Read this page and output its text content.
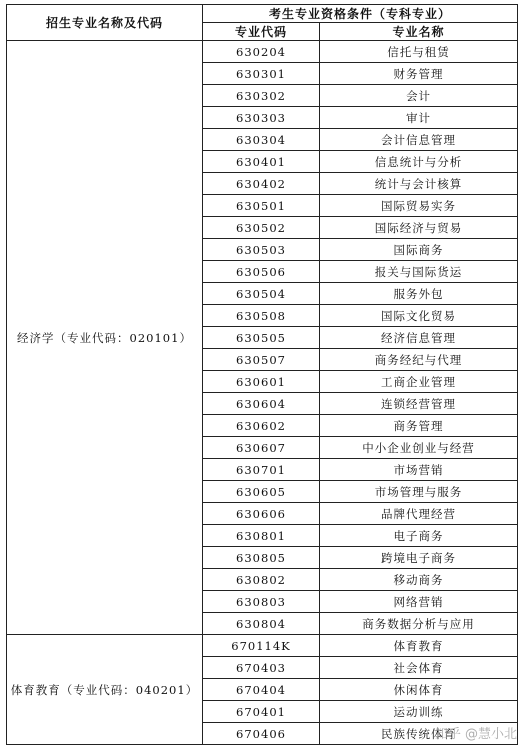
招生专业名称及代码	考生专业资格条件（专科专业）	
	专业代码	专业名称
经济学（专业代码：020101）	630204	信托与租赁
	630301	财务管理
	630302	会计
	630303	审计
	630304	会计信息管理
	630401	信息统计与分析
	630402	统计与会计核算
	630501	国际贸易实务
	630502	国际经济与贸易
	630503	国际商务
	630506	报关与国际货运
	630504	服务外包
	630508	国际文化贸易
	630505	经济信息管理
	630507	商务经纪与代理
	630601	工商企业管理
	630604	连锁经营管理
	630602	商务管理
	630607	中小企业创业与经营
	630701	市场营销
	630605	市场管理与服务
	630606	品牌代理经营
	630801	电子商务
	630805	跨境电子商务
	630802	移动商务
	630803	网络营销
	630804	商务数据分析与应用
体育教育（专业代码：040201）	670114K	体育教育
	670403	社会体育
	670404	休闲体育
	670401	运动训练
	670406	民族传统体育
知乎 @慧小北
